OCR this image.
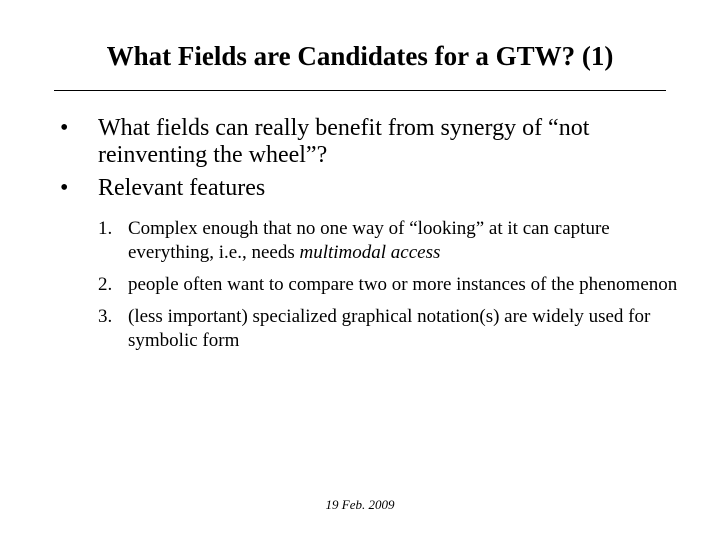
What Fields are Candidates for a GTW? (1)
• What fields can really benefit from synergy of “not reinventing the wheel”?
• Relevant features
1. Complex enough that no one way of “looking” at it can capture everything, i.e., needs multimodal access
2. people often want to compare two or more instances of the phenomenon
3. (less important) specialized graphical notation(s) are widely used for symbolic form
19 Feb. 2009
